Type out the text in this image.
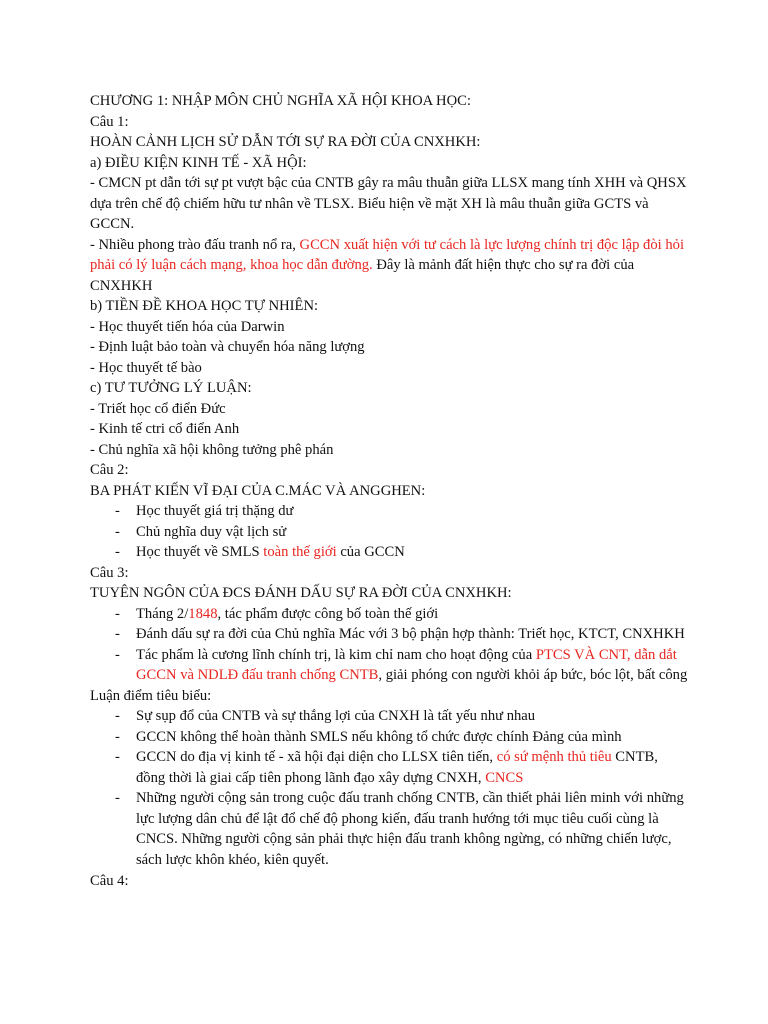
CHƯƠNG 1: NHẬP MÔN CHỦ NGHĨA XÃ HỘI KHOA HỌC:
Câu 1:
HOÀN CẢNH LỊCH SỬ DẪN TỚI SỰ RA ĐỜI CỦA CNXHKH:
a) ĐIỀU KIỆN KINH TẾ - XÃ HỘI:
- CMCN pt dẫn tới sự pt vượt bậc của CNTB gây ra mâu thuẫn giữa LLSX mang tính XHH và QHSX dựa trên chế độ chiếm hữu tư nhân về TLSX. Biểu hiện về mặt XH là mâu thuẫn giữa GCTS và GCCN.
- Nhiều phong trào đấu tranh nổ ra, GCCN xuất hiện với tư cách là lực lượng chính trị độc lập đòi hỏi phải có lý luận cách mạng, khoa học dẫn đường. Đây là mảnh đất hiện thực cho sự ra đời của CNXHKH
b) TIỀN ĐỀ KHOA HỌC TỰ NHIÊN:
- Học thuyết tiến hóa của Darwin
- Định luật bảo toàn và chuyển hóa năng lượng
- Học thuyết tế bào
c) TƯ TƯỞNG LÝ LUẬN:
- Triết học cổ điển Đức
- Kinh tế ctri cổ điển Anh
- Chủ nghĩa xã hội không tưởng phê phán
Câu 2:
BA PHÁT KIẾN VĨ ĐẠI CỦA C.MÁC VÀ ANGGHEN:
- Học thuyết giá trị thặng dư
- Chủ nghĩa duy vật lịch sử
- Học thuyết về SMLS toàn thế giới của GCCN
Câu 3:
TUYÊN NGÔN CỦA ĐCS ĐÁNH DẤU SỰ RA ĐỜI CỦA CNXHKH:
- Tháng 2/1848, tác phẩm được công bố toàn thế giới
- Đánh dấu sự ra đời của Chủ nghĩa Mác với 3 bộ phận hợp thành: Triết học, KTCT, CNXHKH
- Tác phẩm là cương lĩnh chính trị, là kim chỉ nam cho hoạt động của PTCS VÀ CNT, dẫn dắt GCCN và NDLĐ đấu tranh chống CNTB, giải phóng con người khỏi áp bức, bóc lột, bất công
Luận điểm tiêu biểu:
- Sự sụp đổ của CNTB và sự thắng lợi của CNXH là tất yếu như nhau
- GCCN không thể hoàn thành SMLS nếu không tổ chức được chính Đảng của mình
- GCCN do địa vị kinh tế - xã hội đại diện cho LLSX tiên tiến, có sứ mệnh thủ tiêu CNTB, đồng thời là giai cấp tiên phong lãnh đạo xây dựng CNXH, CNCS
- Những người cộng sản trong cuộc đấu tranh chống CNTB, cần thiết phải liên minh với những lực lượng dân chủ để lật đổ chế độ phong kiến, đấu tranh hướng tới mục tiêu cuối cùng là CNCS. Những người cộng sản phải thực hiện đấu tranh không ngừng, có những chiến lược, sách lược khôn khéo, kiên quyết.
Câu 4:
